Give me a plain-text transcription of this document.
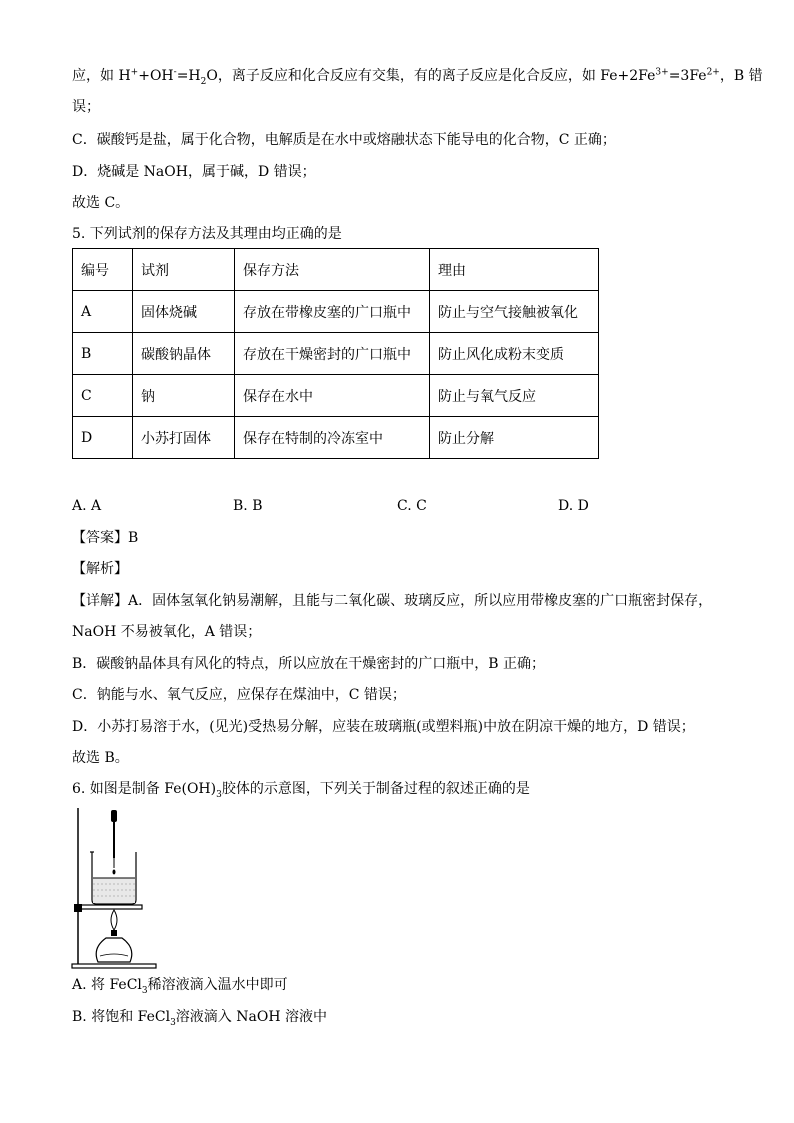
应，如 $H^++OH^-=H_2O$，离子反应和化合反应有交集，有的离子反应是化合反应，如 $Fe+2Fe^{3+}=3Fe^{2+}$，B 错
误；
C．碳酸钙是盐，属于化合物，电解质是在水中或熔融状态下能导电的化合物，C 正确；
D．烧碱是 NaOH，属于碱，D 错误；
故选 C。
5. 下列试剂的保存方法及其理由均正确的是
编号	试剂	保存方法	理由
A	固体烧碱	存放在带橡皮塞的广口瓶中	防止与空气接触被氧化
B	碳酸钠晶体	存放在干燥密封的广口瓶中	防止风化成粉末变质
C	钠	保存在水中	防止与氧气反应
D	小苏打固体	保存在特制的冷冻室中	防止分解
A. A	B. B	C. C	D. D
【答案】B
【解析】
【详解】A．固体氢氧化钠易潮解，且能与二氧化碳、玻璃反应，所以应用带橡皮塞的广口瓶密封保存，
NaOH 不易被氧化，A 错误；
B．碳酸钠晶体具有风化的特点，所以应放在干燥密封的广口瓶中，B 正确；
C．钠能与水、氧气反应，应保存在煤油中，C 错误；
D．小苏打易溶于水，(见光)受热易分解，应装在玻璃瓶(或塑料瓶)中放在阴凉干燥的地方，D 错误；
故选 B。
6. 如图是制备 $Fe(OH)_3$胶体的示意图，下列关于制备过程的叙述正确的是
A. 将 FeCl$_3$稀溶液滴入温水中即可
B. 将饱和 FeCl$_3$溶液滴入 NaOH 溶液中
